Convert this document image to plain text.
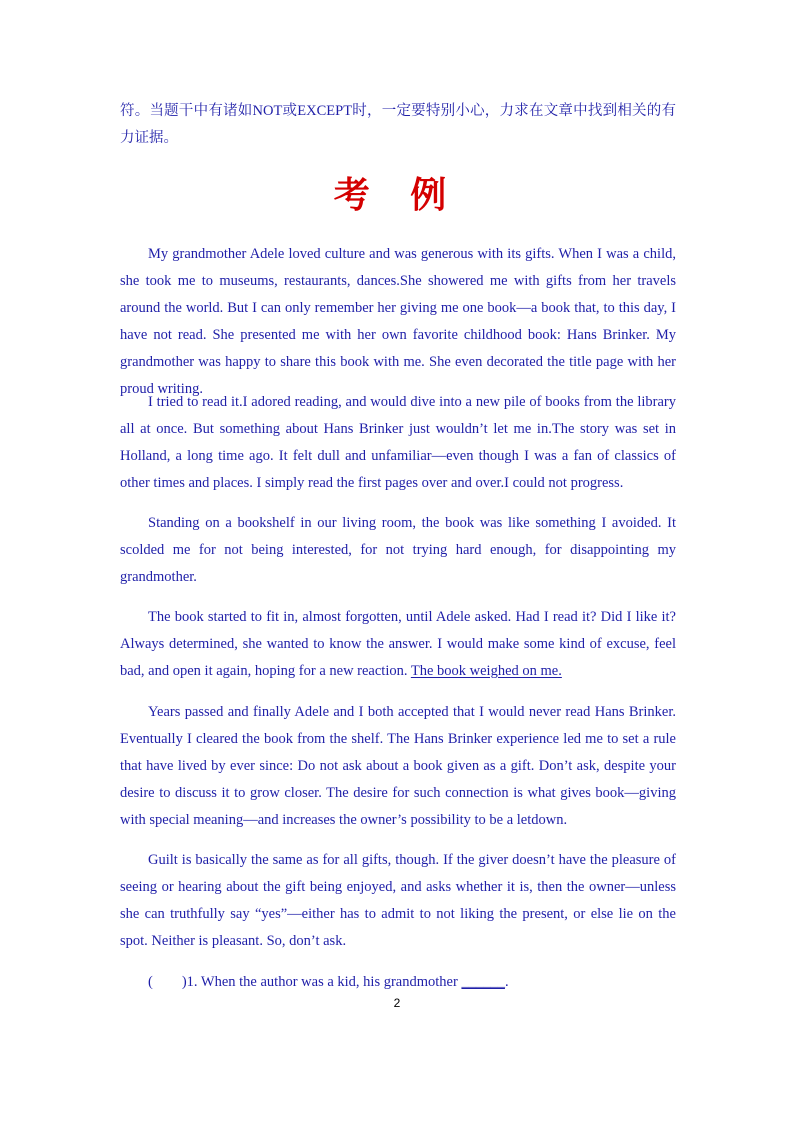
符。当题干中有诸如NOT或EXCEPT时，一定要特别小心，力求在文章中找到相关的有力证据。
考 例

My grandmother Adele loved culture and was generous with its gifts. When I was a child, she took me to museums, restaurants, dances.She showered me with gifts from her travels around the world. But I can only remember her giving me one book—a book that, to this day, I have not read. She presented me with her own favorite childhood book: Hans Brinker. My grandmother was happy to share this book with me. She even decorated the title page with her proud writing.

I tried to read it.I adored reading, and would dive into a new pile of books from the library all at once. But something about Hans Brinker just wouldn’t let me in.The story was set in Holland, a long time ago. It felt dull and unfamiliar—even though I was a fan of classics of other times and places. I simply read the first pages over and over.I could not progress.

Standing on a bookshelf in our living room, the book was like something I avoided. It scolded me for not being interested, for not trying hard enough, for disappointing my grandmother.

The book started to fit in, almost forgotten, until Adele asked. Had I read it? Did I like it? Always determined, she wanted to know the answer. I would make some kind of excuse, feel bad, and open it again, hoping for a new reaction. The book weighed on me.

Years passed and finally Adele and I both accepted that I would never read Hans Brinker. Eventually I cleared the book from the shelf. The Hans Brinker experience led me to set a rule that have lived by ever since: Do not ask about a book given as a gift. Don’t ask, despite your desire to discuss it to grow closer. The desire for such connection is what gives book—giving with special meaning—and increases the owner’s possibility to be a letdown.

Guilt is basically the same as for all gifts, though. If the giver doesn’t have the pleasure of seeing or hearing about the gift being enjoyed, and asks whether it is, then the owner—unless she can truthfully say “yes”—either has to admit to not liking the present, or else lie on the spot. Neither is pleasant. So, don’t ask.

( )1. When the author was a kid, his grandmother ______.
2
